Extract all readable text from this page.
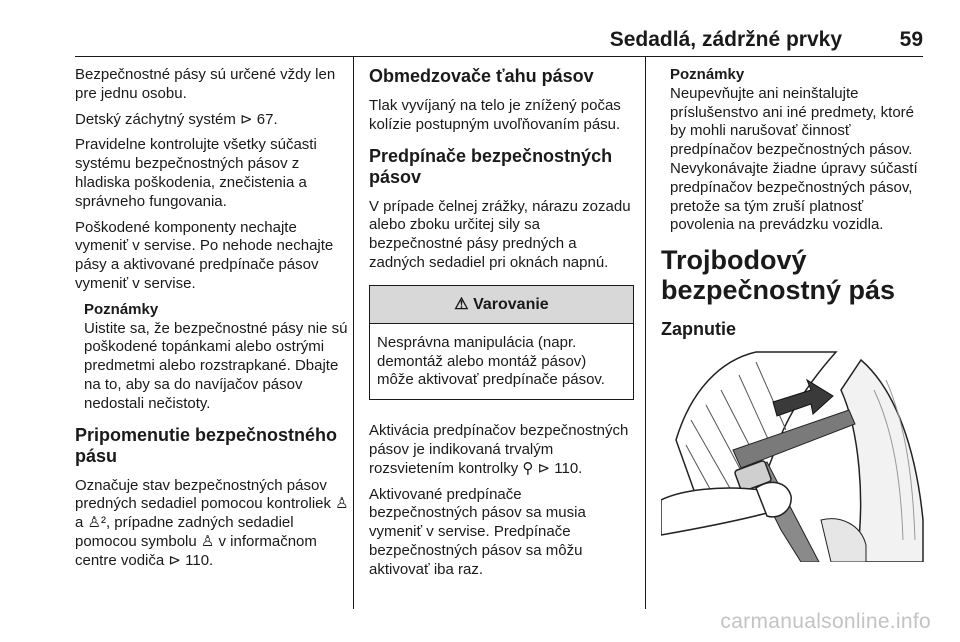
Sedadlá, zádržné prvky	59

Bezpečnostné pásy sú určené vždy len pre jednu osobu.

Detský záchytný systém ⊳ 67.

Pravidelne kontrolujte všetky súčasti systému bezpečnostných pásov z hladiska poškodenia, znečistenia a správneho fungovania.

Poškodené komponenty nechajte vymeniť v servise. Po nehode nechajte pásy a aktivované predpínače pásov vymeniť v servise.

Poznámky
Uistite sa, že bezpečnostné pásy nie sú poškodené topánkami alebo ostrými predmetmi alebo rozstrapkané. Dbajte na to, aby sa do navíjačov pásov nedostali nečistoty.
Pripomenutie bezpečnostného pásu

Označuje stav bezpečnostných pásov predných sedadiel pomocou kontroliek ♙ a ♙², prípadne zadných sedadiel pomocou symbolu ♙ v informačnom centre vodiča ⊳ 110.

Obmedzovače ťahu pásov

Tlak vyvíjaný na telo je znížený počas kolízie postupným uvoľňovaním pásu.

Predpínače bezpečnostných pásov

V prípade čelnej zrážky, nárazu zozadu alebo zboku určitej sily sa bezpečnostné pásy predných a zadných sedadiel pri oknách napnú.

⚠ Varovanie
Nesprávna manipulácia (napr. demontáž alebo montáž pásov) môže aktivovať predpínače pásov.

Aktivácia predpínačov bezpečnostných pásov je indikovaná trvalým rozsvietením kontrolky ⚲ ⊳ 110.

Aktivované predpínače bezpečnostných pásov sa musia vymeniť v servise. Predpínače bezpečnostných pásov sa môžu aktivovať iba raz.

Poznámky
Neupevňujte ani neinštalujte príslušenstvo ani iné predmety, ktoré by mohli narušovať činnosť predpínačov bezpečnostných pásov. Nevykonávajte žiadne úpravy súčastí predpínačov bezpečnostných pásov, pretože sa tým zruší platnosť povolenia na prevádzku vozidla.
Trojbodový bezpečnostný pás
Zapnutie
carmanualsonline.info
